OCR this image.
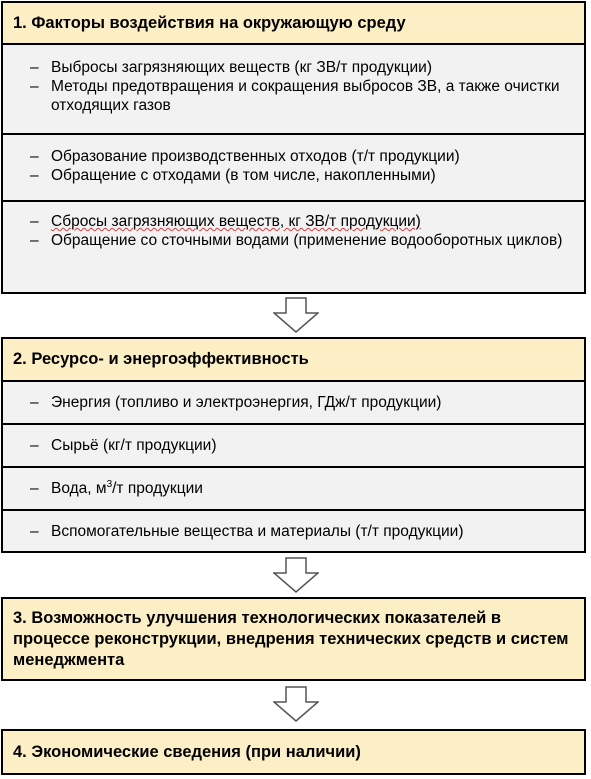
1. Факторы воздействия на окружающую среду
– Выбросы загрязняющих веществ (кг ЗВ/т продукции)
– Методы предотвращения и сокращения выбросов ЗВ, а также очистки отходящих газов
– Образование производственных отходов (т/т продукции)
– Обращение с отходами (в том числе, накопленными)
– Сбросы загрязняющих веществ, кг ЗВ/т продукции)
– Обращение со сточными водами (применение водооборотных циклов)
2. Ресурсо- и энергоэффективность
– Энергия (топливо и электроэнергия, ГДж/т продукции)
– Сырьё (кг/т продукции)
– Вода, $м^3/т$ продукции
– Вспомогательные вещества и материалы (т/т продукции)
3. Возможность улучшения технологических показателей в процессе реконструкции, внедрения технических средств и систем менеджмента
4. Экономические сведения (при наличии)
